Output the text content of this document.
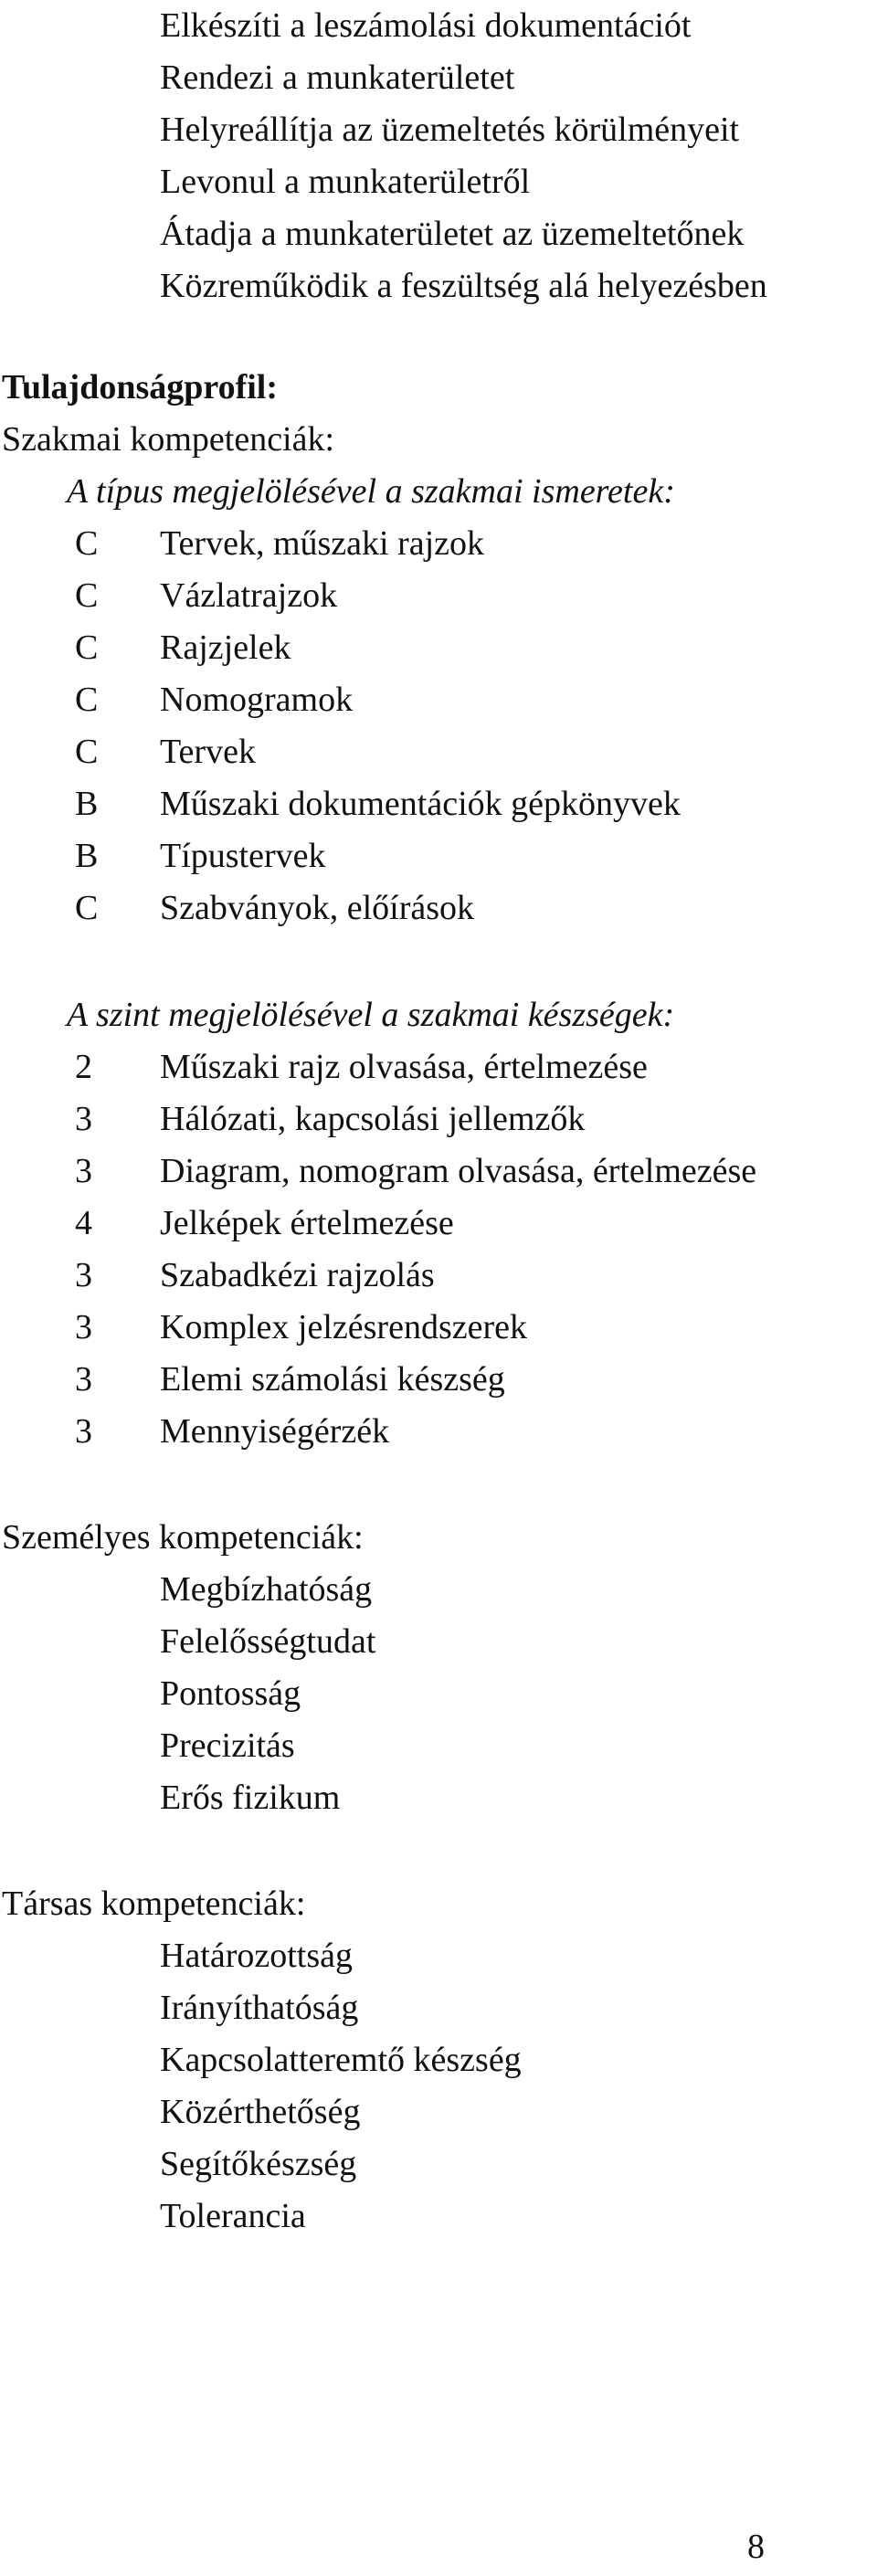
Elkészíti a leszámolási dokumentációt
Rendezi a munkaterületet
Helyreállítja az üzemeltetés körülményeit
Levonul a munkaterületről
Átadja a munkaterületet az üzemeltetőnek
Közreműködik a feszültség alá helyezésben
Tulajdonságprofil:
Szakmai kompetenciák:
A típus megjelölésével a szakmai ismeretek:
C	Tervek, műszaki rajzok
C	Vázlatrajzok
C	Rajzjelek
C	Nomogramok
C	Tervek
B	Műszaki dokumentációk gépkönyvek
B	Típustervek
C	Szabványok, előírások
A szint megjelölésével a szakmai készségek:
2	Műszaki rajz olvasása, értelmezése
3	Hálózati, kapcsolási jellemzők
3	Diagram, nomogram olvasása, értelmezése
4	Jelképek értelmezése
3	Szabadkézi rajzolás
3	Komplex jelzésrendszerek
3	Elemi számolási készség
3	Mennyiségérzék
Személyes kompetenciák:
Megbízhatóság
Felelősségtudat
Pontosság
Precizitás
Erős fizikum
Társas kompetenciák:
Határozottság
Irányíthatóság
Kapcsolatteremtő készség
Közérthetőség
Segítőkészség
Tolerancia
8
